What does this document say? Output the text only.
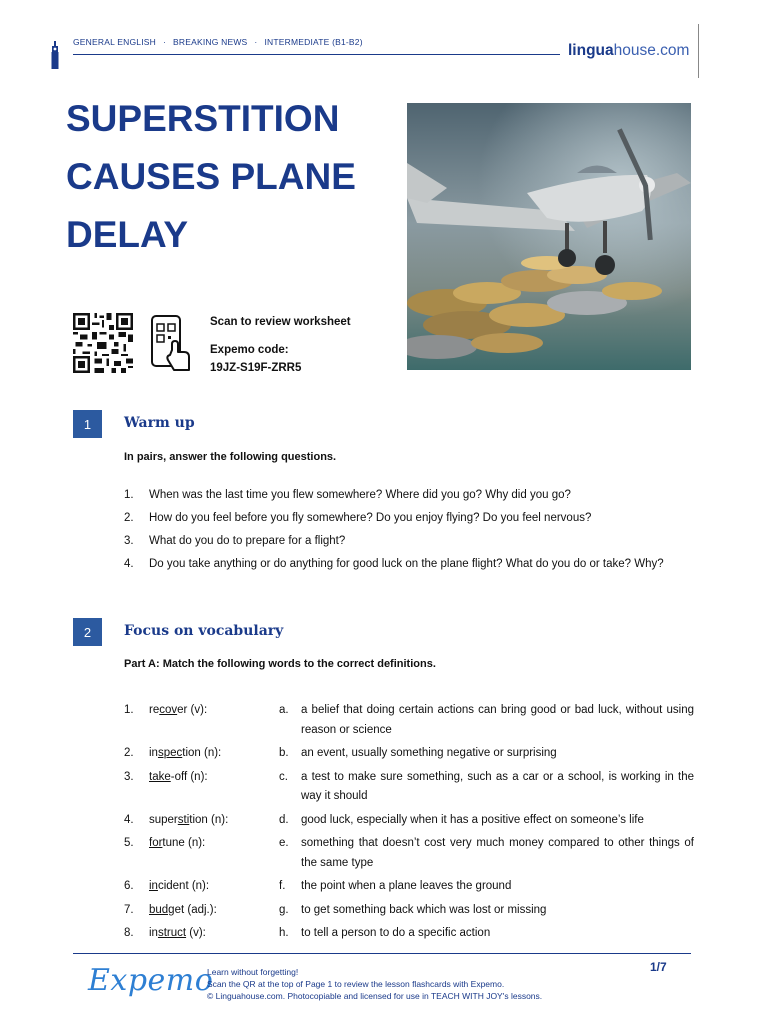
GENERAL ENGLISH · BREAKING NEWS · INTERMEDIATE (B1-B2)	linguahouse.com
SUPERSTITION
CAUSES PLANE
DELAY
Scan to review worksheet
Expemo code:
19JZ-S19F-ZRR5
1	Warm up
In pairs, answer the following questions.
1.	When was the last time you flew somewhere? Where did you go? Why did you go?
2.	How do you feel before you fly somewhere? Do you enjoy flying? Do you feel nervous?
3.	What do you do to prepare for a flight?
4.	Do you take anything or do anything for good luck on the plane flight? What do you do or take? Why?
2	Focus on vocabulary
Part A: Match the following words to the correct definitions.
1.	recover (v):	a.	a belief that doing certain actions can bring good or bad luck, without using reason or science
2.	inspection (n):	b.	an event, usually something negative or surprising
3.	take-off (n):	c.	a test to make sure something, such as a car or a school, is working in the way it should
4.	superstition (n):	d.	good luck, especially when it has a positive effect on someone’s life
5.	fortune (n):	e.	something that doesn’t cost very much money compared to other things of the same type
6.	incident (n):	f.	the point when a plane leaves the ground
7.	budget (adj.):	g.	to get something back which was lost or missing
8.	instruct (v):	h.	to tell a person to do a specific action
Expemo
Learn without forgetting!
Scan the QR at the top of Page 1 to review the lesson flashcards with Expemo.
© Linguahouse.com. Photocopiable and licensed for use in TEACH WITH JOY's lessons.
1/7
